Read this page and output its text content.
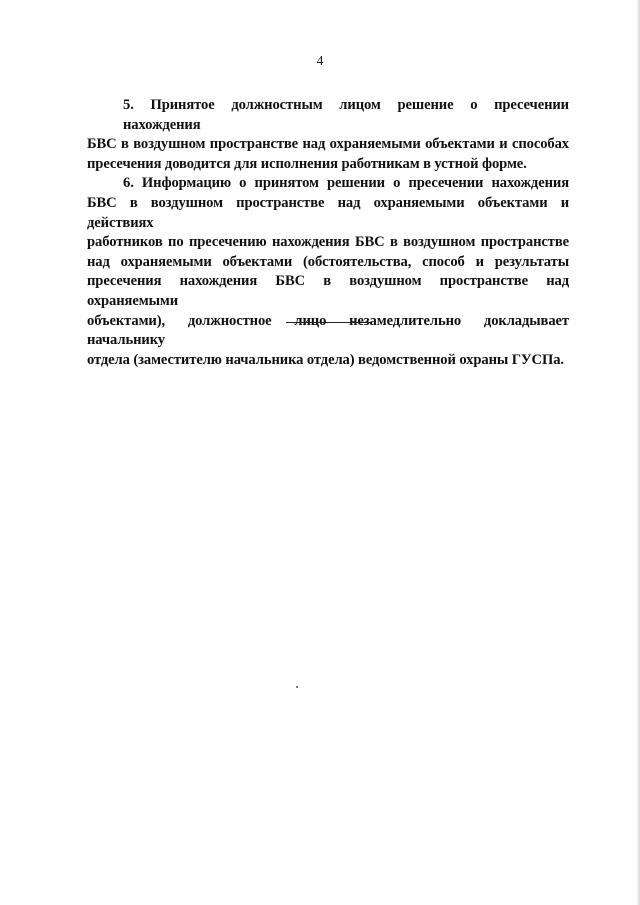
4

5. Принятое должностным лицом решение о пресечении нахождения
БВС в воздушном пространстве над охраняемыми объектами и способах
пресечения доводится для исполнения работникам в устной форме.

6. Информацию о принятом решении о пресечении нахождения
БВС в воздушном пространстве над охраняемыми объектами и действиях
работников по пресечению нахождения БВС в воздушном пространстве
над охраняемыми объектами (обстоятельства, способ и результаты
пресечения нахождения БВС в воздушном пространстве над охраняемыми
объектами), должностное лицо незамедлительно докладывает начальнику
отдела (заместителю начальника отдела) ведомственной охраны ГУСПа.
